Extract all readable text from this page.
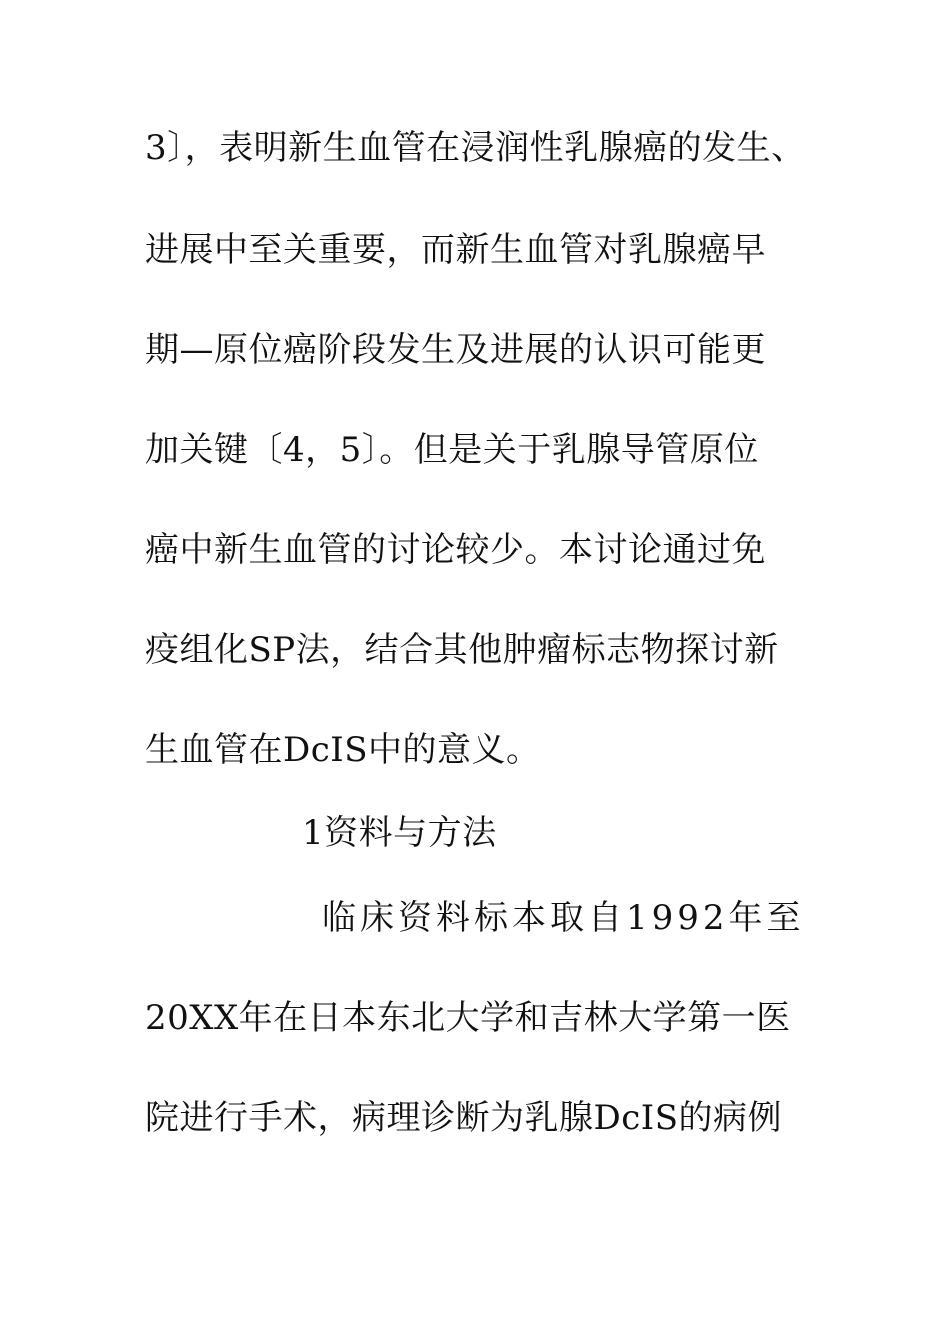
3〕，表明新生血管在浸润性乳腺癌的发生、
进展中至关重要，而新生血管对乳腺癌早
期—原位癌阶段发生及进展的认识可能更
加关键〔4，5〕。但是关于乳腺导管原位
癌中新生血管的讨论较少。本讨论通过免
疫组化SP法，结合其他肿瘤标志物探讨新
生血管在DcIS中的意义。
1资料与方法
临床资料标本取自1992年至
20XX年在日本东北大学和吉林大学第一医
院进行手术，病理诊断为乳腺DcIS的病例
